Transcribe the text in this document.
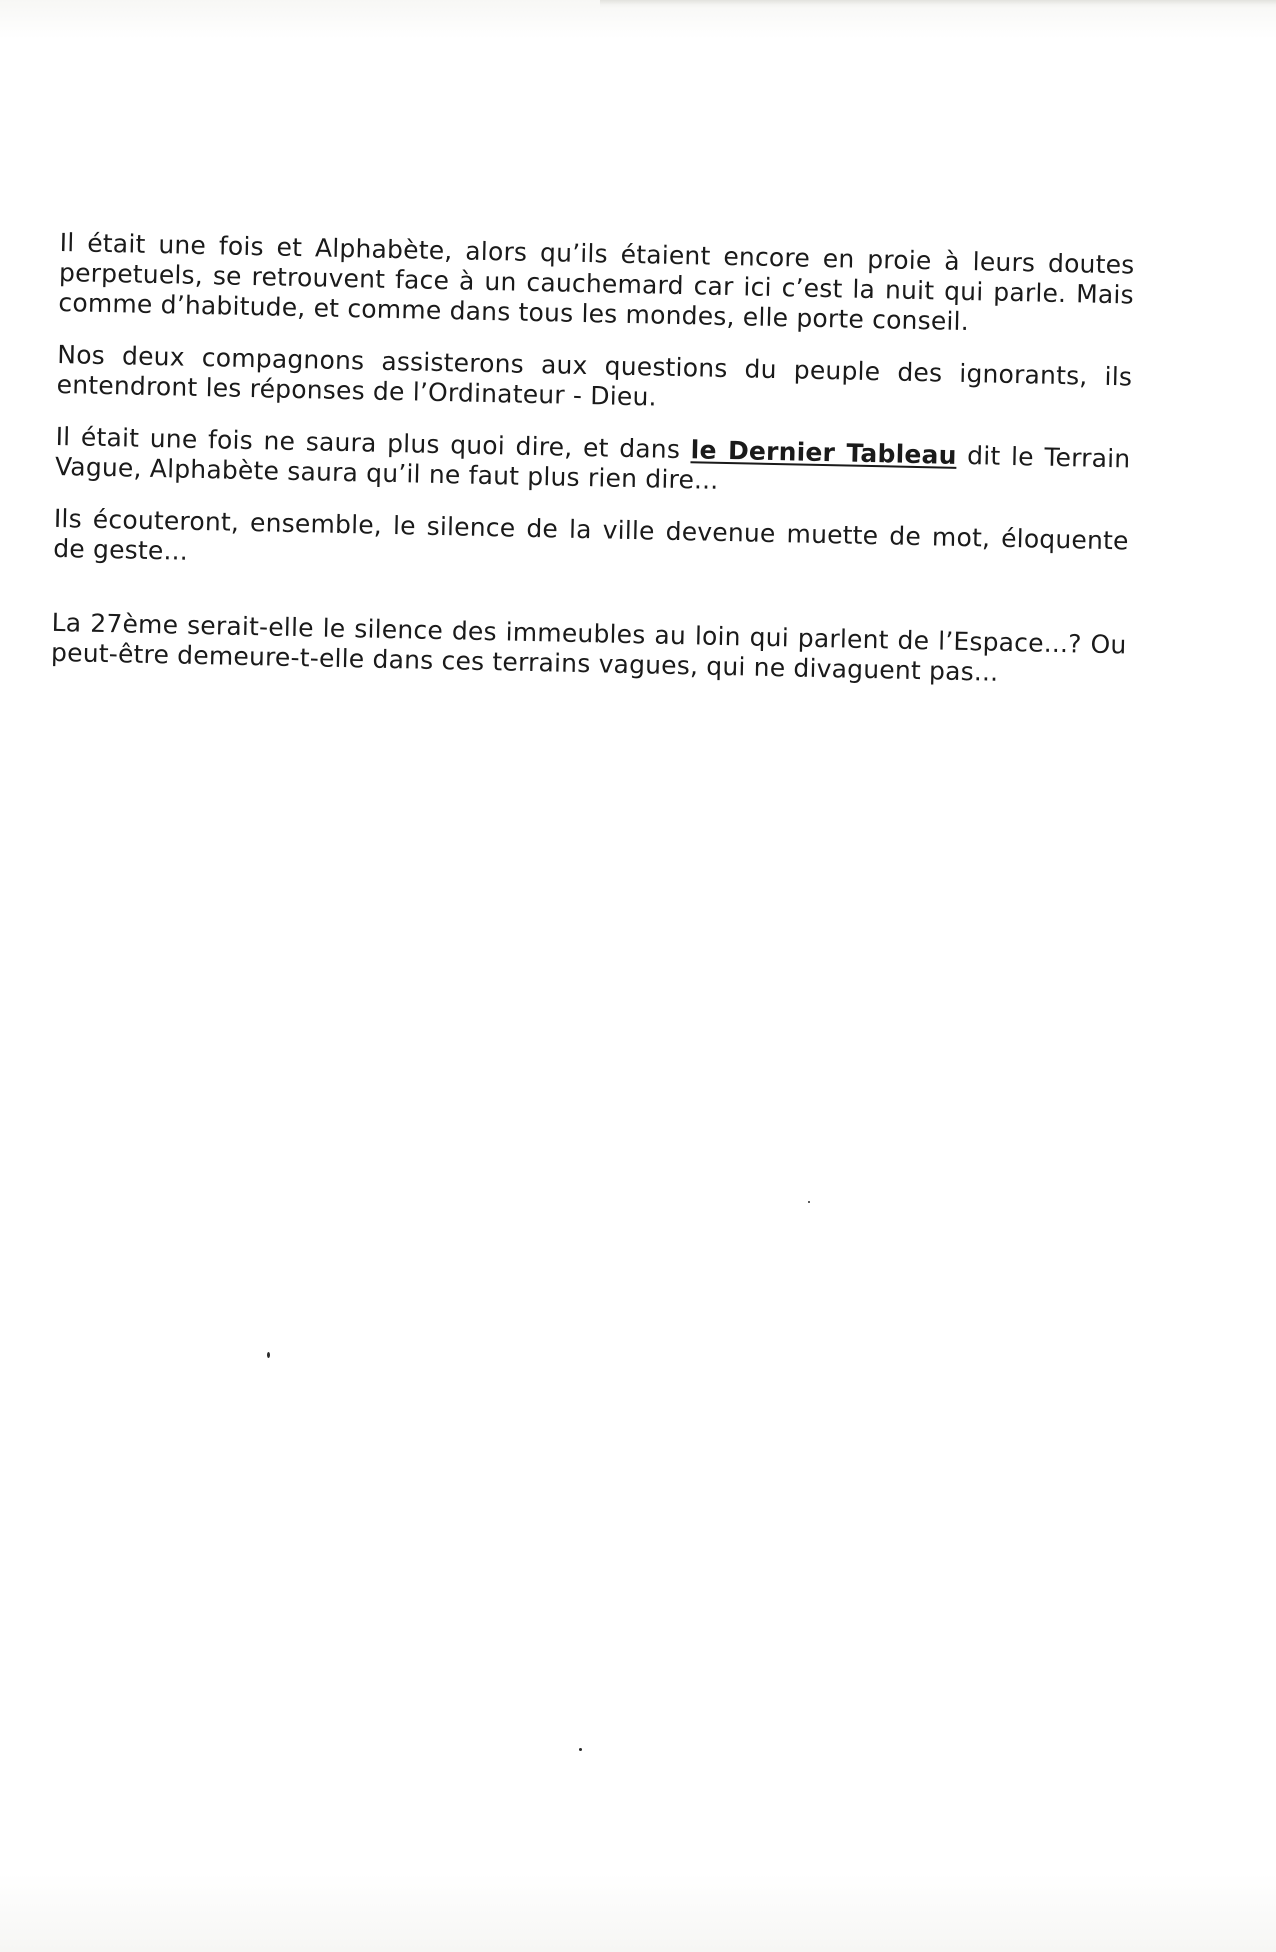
Il était une fois et Alphabète, alors qu’ils étaient encore en proie à leurs doutes perpetuels, se retrouvent face à un cauchemard car ici c’est la nuit qui parle. Mais comme d’habitude, et comme dans tous les mondes, elle porte conseil.

Nos deux compagnons assisterons aux questions du peuple des ignorants, ils entendront les réponses de l’Ordinateur - Dieu.

Il était une fois ne saura plus quoi dire, et dans le Dernier Tableau dit le Terrain Vague, Alphabète saura qu’il ne faut plus rien dire...

Ils écouteront, ensemble, le silence de la ville devenue muette de mot, éloquente de geste...

La 27ème serait-elle le silence des immeubles au loin qui parlent de l’Espace...? Ou peut-être demeure-t-elle dans ces terrains vagues, qui ne divaguent pas...
